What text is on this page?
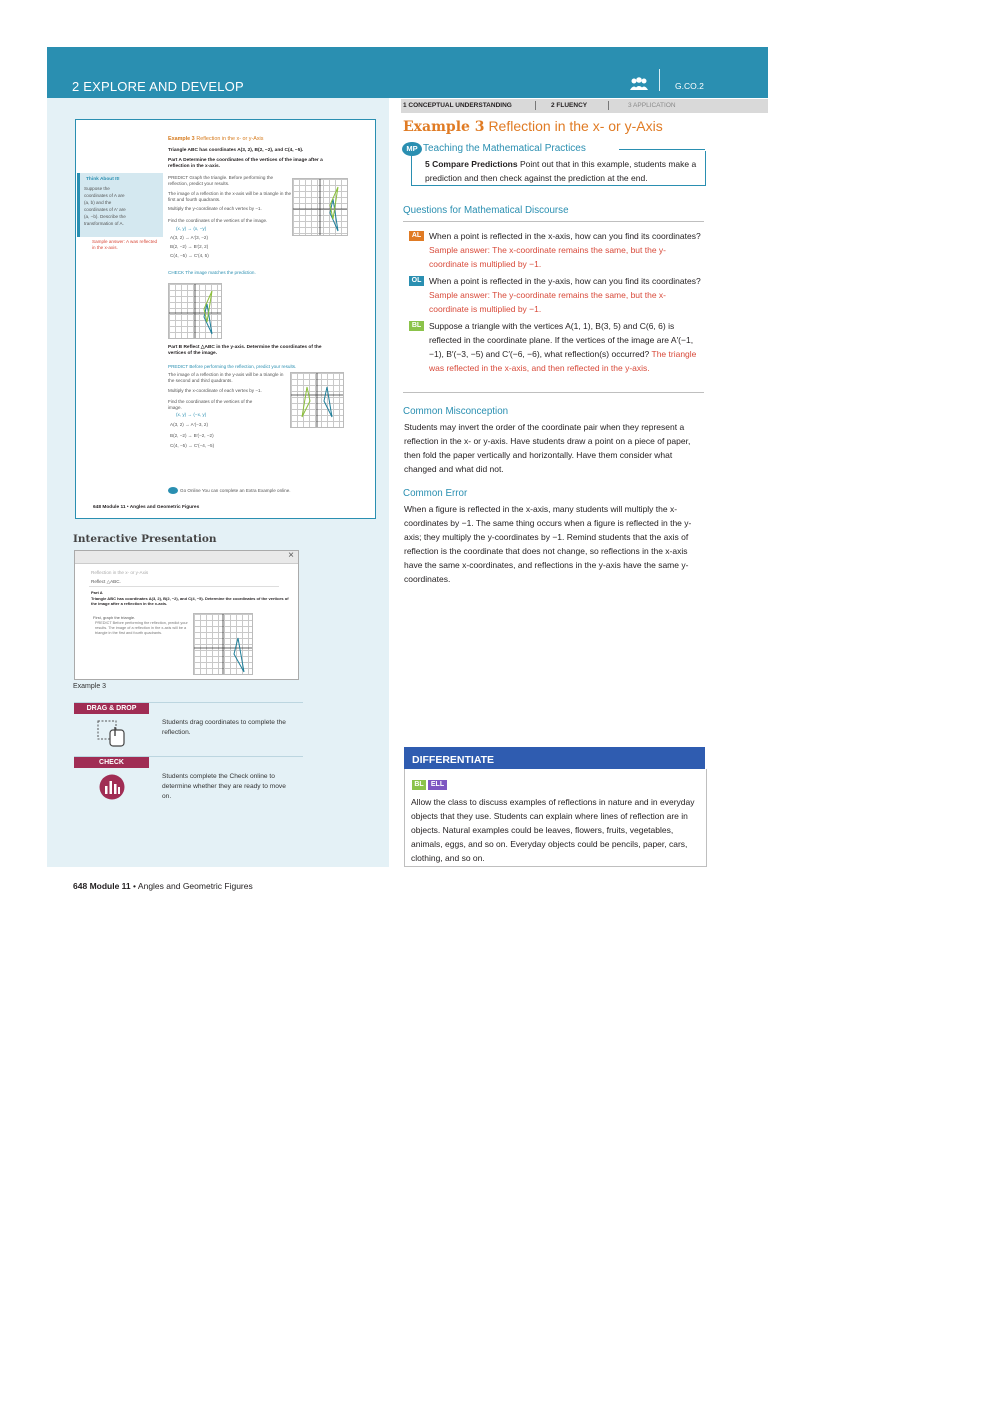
2 EXPLORE AND DEVELOP	G.CO.2
1 CONCEPTUAL UNDERSTANDING	2 FLUENCY	3 APPLICATION
Example 3 Reflection in the x- or y-Axis
Triangle ABC has coordinates A(3, 2), B(2, −2), and C(4, −5).
Part A Determine the coordinates of the vertices of the image after a reflection in the x-axis.
Think About It!
Suppose the
coordinates of A are
(a, b) and the
coordinates of A′ are
(a, −b). Describe the
transformation of A.
Sample answer: A was reflected in the x-axis.
PREDICT Graph the triangle. Before performing the reflection, predict your results.
The image of a reflection in the x-axis will be a triangle in the first and fourth quadrants.
Multiply the y-coordinate of each vertex by −1.
Find the coordinates of the vertices of the image.
(x, y) → (x, −y)
A(3, 2) → A′(3, −2)
B(2, −2) → B′(2, 2)
C(4, −5) → C′(4, 5)
CHECK The image matches the prediction.
Part B Reflect △ABC in the y-axis. Determine the coordinates of the vertices of the image.
PREDICT Before performing the reflection, predict your results.
The image of a reflection in the y-axis will be a triangle in the second and third quadrants.
Multiply the x-coordinate of each vertex by −1.
Find the coordinates of the vertices of the image.
(x, y) → (−x, y)
A(3, 2) → A′(−3, 2)
B(2, −2) → B′(−2, −2)
C(4, −5) → C′(−4, −5)
Go Online You can complete an Extra Example online.
648 Module 11 • Angles and Geometric Figures
Interactive Presentation
×
Reflection in the x- or y-Axis
Reflect △ABC.
Part A
Triangle ABC has coordinates A(3, 2), B(2, −2), and C(4, −5). Determine the coordinates of the vertices of the image after a reflection in the x-axis.
First, graph the triangle.
PREDICT Before performing the reflection, predict your results. The image of a reflection in the x-axis will be a triangle in the first and fourth quadrants.
Example 3
DRAG & DROP
Students drag coordinates to complete the reflection.
CHECK
Students complete the Check online to determine whether they are ready to move on.
648 Module 11 • Angles and Geometric Figures
Example 3 Reflection in the x- or y-Axis
MP Teaching the Mathematical Practices
5 Compare Predictions Point out that in this example, students make a prediction and then check against the prediction at the end.
Questions for Mathematical Discourse
AL When a point is reflected in the x-axis, how can you find its coordinates? Sample answer: The x-coordinate remains the same, but the y-coordinate is multiplied by −1.
OL When a point is reflected in the y-axis, how can you find its coordinates? Sample answer: The y-coordinate remains the same, but the x-coordinate is multiplied by −1.
BL Suppose a triangle with the vertices A(1, 1), B(3, 5) and C(6, 6) is reflected in the coordinate plane. If the vertices of the image are A′(−1, −1), B′(−3, −5) and C′(−6, −6), what reflection(s) occurred? The triangle was reflected in the x-axis, and then reflected in the y-axis.
Common Misconception
Students may invert the order of the coordinate pair when they represent a reflection in the x- or y-axis. Have students draw a point on a piece of paper, then fold the paper vertically and horizontally. Have them consider what changed and what did not.
Common Error
When a figure is reflected in the x-axis, many students will multiply the x-coordinates by −1. The same thing occurs when a figure is reflected in the y-axis; they multiply the y-coordinates by −1. Remind students that the axis of reflection is the coordinate that does not change, so reflections in the x-axis have the same x-coordinates, and reflections in the y-axis have the same y-coordinates.
DIFFERENTIATE
BL	ELL
Allow the class to discuss examples of reflections in nature and in everyday objects that they use. Students can explain where lines of reflection are in objects. Natural examples could be leaves, flowers, fruits, vegetables, animals, eggs, and so on. Everyday objects could be pencils, paper, cars, clothing, and so on.
